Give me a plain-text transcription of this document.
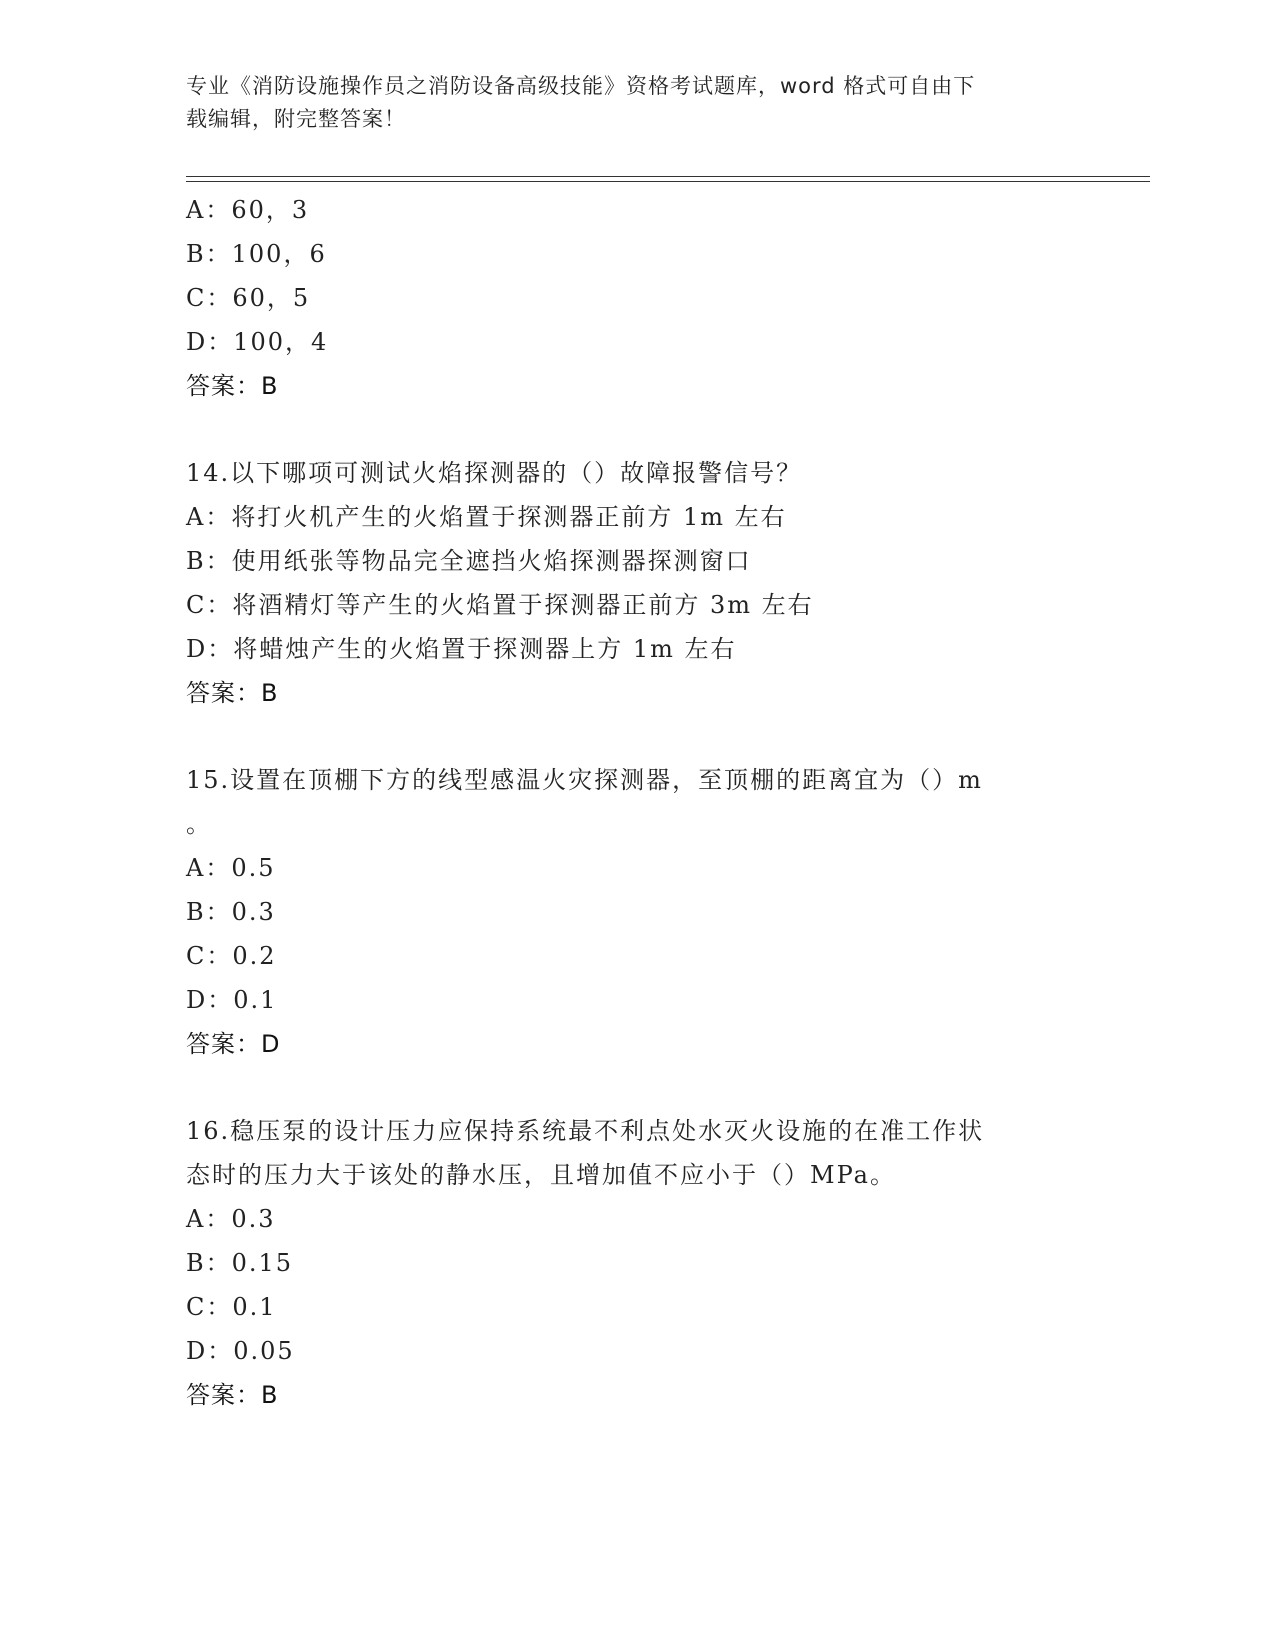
专业《消防设施操作员之消防设备高级技能》资格考试题库，word 格式可自由下
载编辑，附完整答案！
A：60，3
B：100，6
C：60，5
D：100，4
答案：B
14.以下哪项可测试火焰探测器的（）故障报警信号？
A：将打火机产生的火焰置于探测器正前方 1m 左右
B：使用纸张等物品完全遮挡火焰探测器探测窗口
C：将酒精灯等产生的火焰置于探测器正前方 3m 左右
D：将蜡烛产生的火焰置于探测器上方 1m 左右
答案：B
15.设置在顶棚下方的线型感温火灾探测器，至顶棚的距离宜为（）m
。
A：0.5
B：0.3
C：0.2
D：0.1
答案：D
16.稳压泵的设计压力应保持系统最不利点处水灭火设施的在准工作状
态时的压力大于该处的静水压，且增加值不应小于（）MPa。
A：0.3
B：0.15
C：0.1
D：0.05
答案：B
